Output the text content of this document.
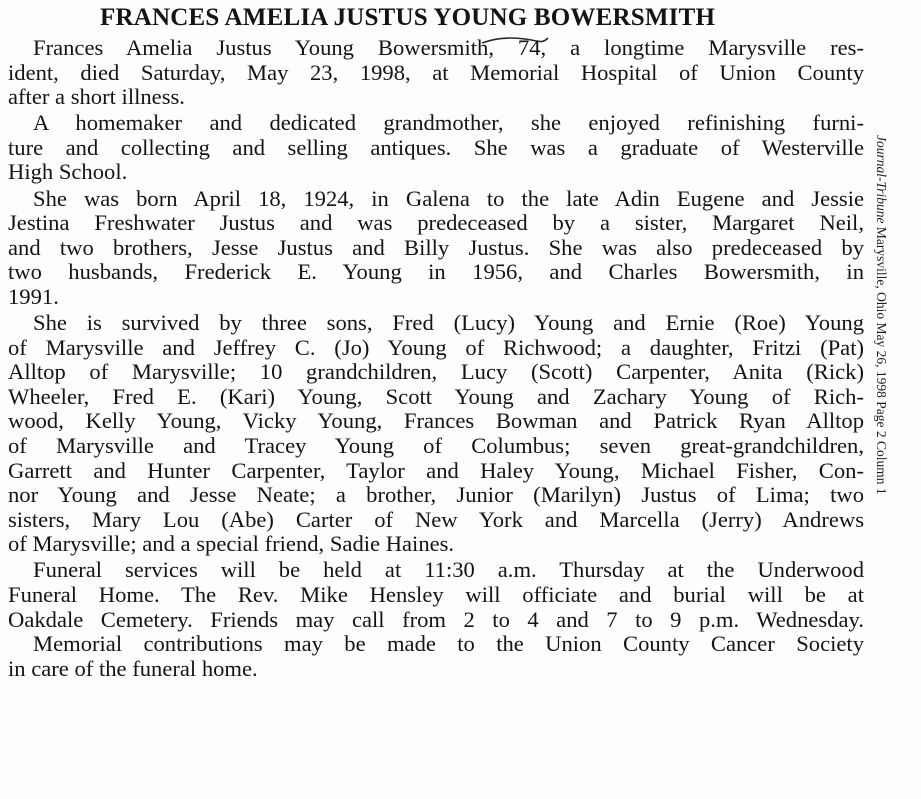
FRANCES AMELIA JUSTUS YOUNG BOWERSMITH
Frances Amelia Justus Young Bowersmith, 74, a longtime Marysville res-
ident, died Saturday, May 23, 1998, at Memorial Hospital of Union County
after a short illness.
A homemaker and dedicated grandmother, she enjoyed refinishing furni-
ture and collecting and selling antiques. She was a graduate of Westerville
High School.
She was born April 18, 1924, in Galena to the late Adin Eugene and Jessie
Jestina Freshwater Justus and was predeceased by a sister, Margaret Neil,
and two brothers, Jesse Justus and Billy Justus. She was also predeceased by
two husbands, Frederick E. Young in 1956, and Charles Bowersmith, in
1991.
She is survived by three sons, Fred (Lucy) Young and Ernie (Roe) Young
of Marysville and Jeffrey C. (Jo) Young of Richwood; a daughter, Fritzi (Pat)
Alltop of Marysville; 10 grandchildren, Lucy (Scott) Carpenter, Anita (Rick)
Wheeler, Fred E. (Kari) Young, Scott Young and Zachary Young of Rich-
wood, Kelly Young, Vicky Young, Frances Bowman and Patrick Ryan Alltop
of Marysville and Tracey Young of Columbus; seven great-grandchildren,
Garrett and Hunter Carpenter, Taylor and Haley Young, Michael Fisher, Con-
nor Young and Jesse Neate; a brother, Junior (Marilyn) Justus of Lima; two
sisters, Mary Lou (Abe) Carter of New York and Marcella (Jerry) Andrews
of Marysville; and a special friend, Sadie Haines.
Funeral services will be held at 11:30 a.m. Thursday at the Underwood
Funeral Home. The Rev. Mike Hensley will officiate and burial will be at
Oakdale Cemetery. Friends may call from 2 to 4 and 7 to 9 p.m. Wednesday.
Memorial contributions may be made to the Union County Cancer Society
in care of the funeral home.
Journal-Tribune Marysville, Ohio May 26, 1998 Page 2 Column 1
